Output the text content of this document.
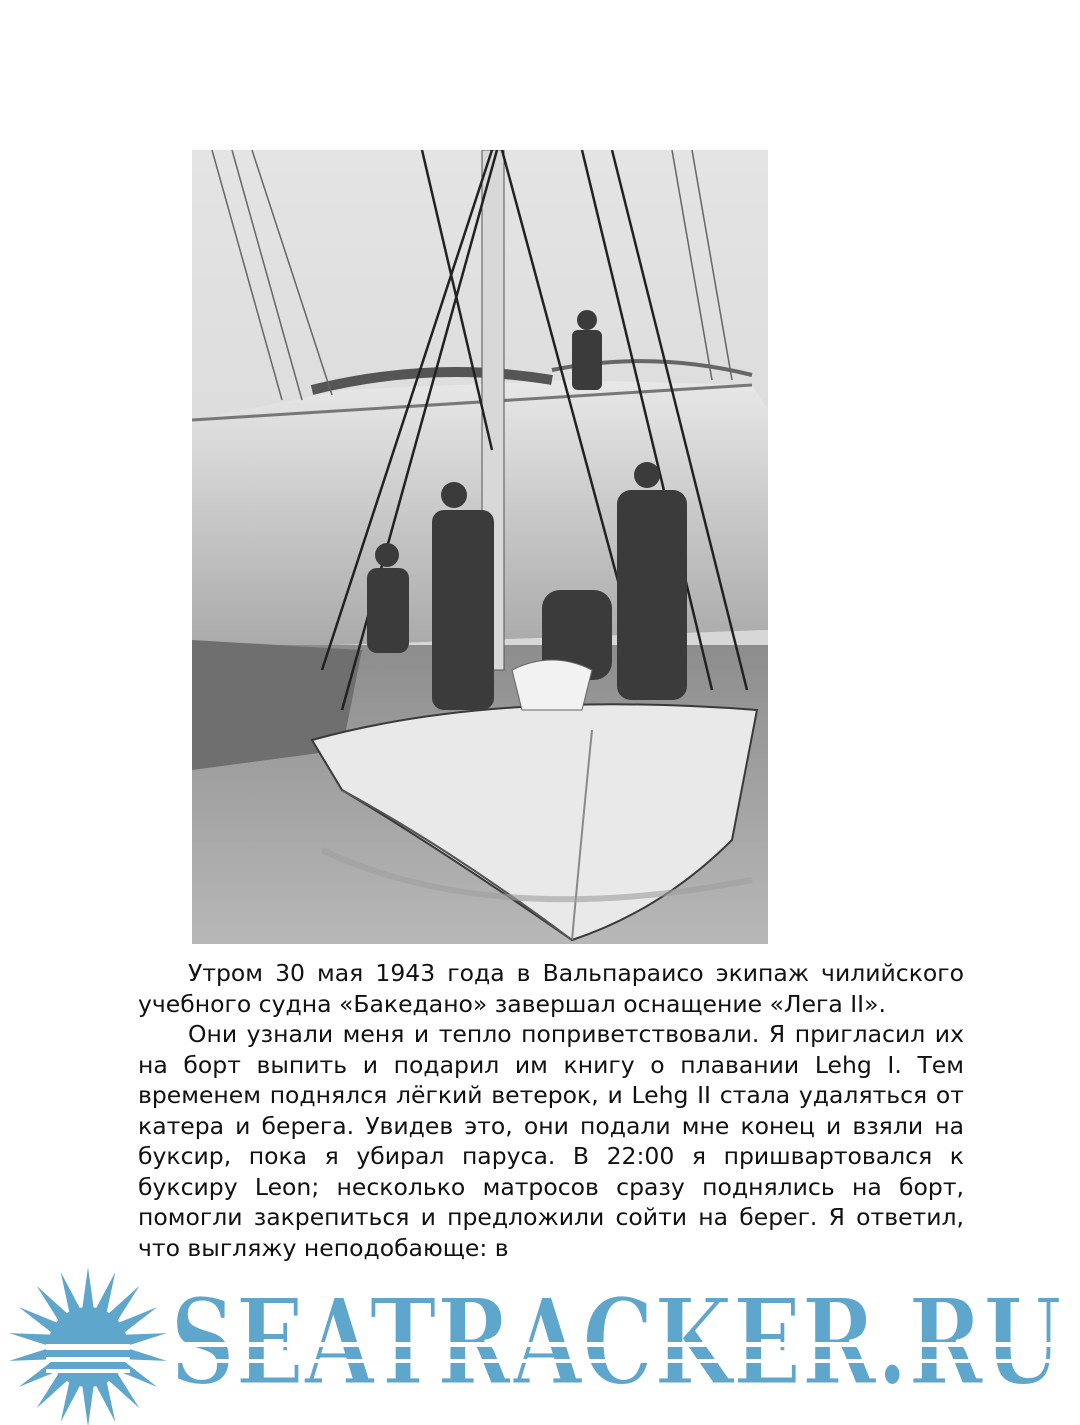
Утром 30 мая 1943 года в Вальпараисо экипаж чилийского учебного судна «Бакедано» завершал оснащение «Лега II».

Они узнали меня и тепло поприветствовали. Я пригласил их на борт выпить и подарил им книгу о плавании Lehg I. Тем временем поднялся лёгкий ветерок, и Lehg II стала удаляться от катера и берега. Увидев это, они подали мне конец и взяли на буксир, пока я убирал паруса. В 22:00 я пришвартовался к буксиру Leon; несколько матросов сразу поднялись на борт, помогли закрепиться и предложили сойти на берег. Я ответил, что выгляжу неподобающе: в
